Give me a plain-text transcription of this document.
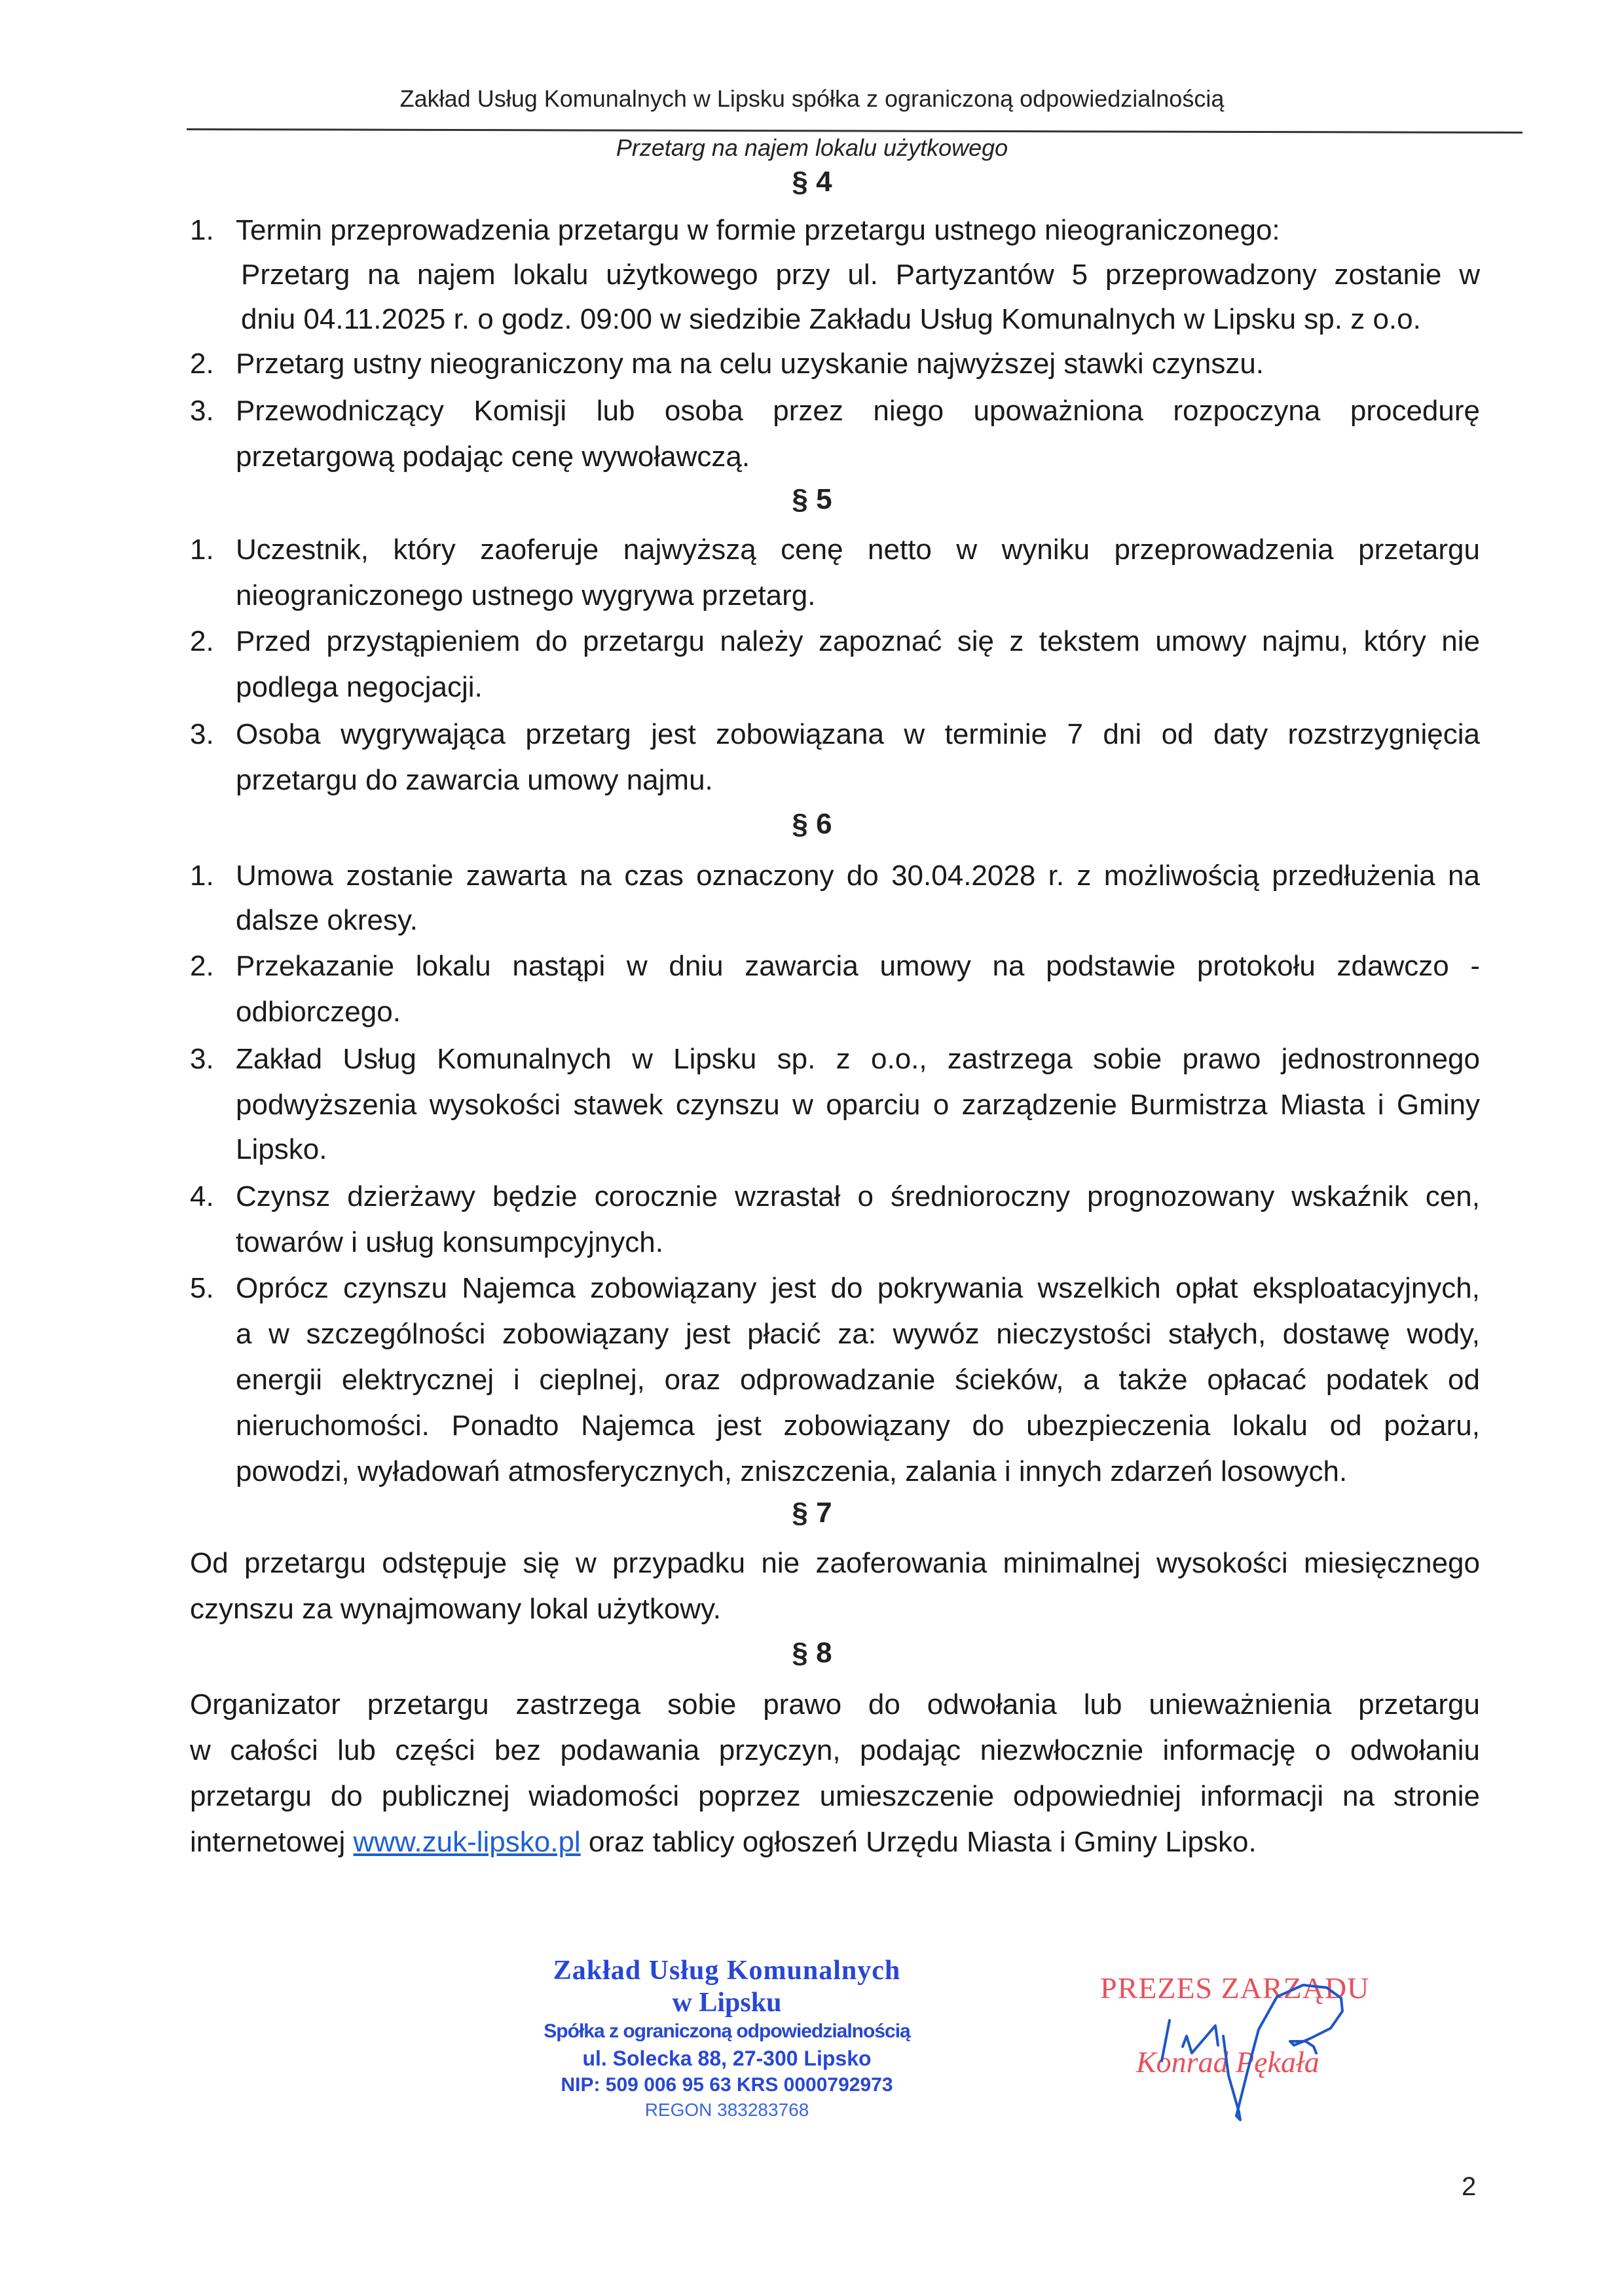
Zakład Usług Komunalnych w Lipsku spółka z ograniczoną odpowiedzialnością
Przetarg na najem lokalu użytkowego
§ 4
1. Termin przeprowadzenia przetargu w formie przetargu ustnego nieograniczonego:
Przetarg na najem lokalu użytkowego przy ul. Partyzantów 5 przeprowadzony zostanie w
dniu 04.11.2025 r. o godz. 09:00 w siedzibie Zakładu Usług Komunalnych w Lipsku sp. z o.o.
2. Przetarg ustny nieograniczony ma na celu uzyskanie najwyższej stawki czynszu.
3. Przewodniczący Komisji lub osoba przez niego upoważniona rozpoczyna procedurę
przetargową podając cenę wywoławczą.
§ 5
1. Uczestnik, który zaoferuje najwyższą cenę netto w wyniku przeprowadzenia przetargu
nieograniczonego ustnego wygrywa przetarg.
2. Przed przystąpieniem do przetargu należy zapoznać się z tekstem umowy najmu, który nie
podlega negocjacji.
3. Osoba wygrywająca przetarg jest zobowiązana w terminie 7 dni od daty rozstrzygnięcia
przetargu do zawarcia umowy najmu.
§ 6
1. Umowa zostanie zawarta na czas oznaczony do 30.04.2028 r. z możliwością przedłużenia na
dalsze okresy.
2. Przekazanie lokalu nastąpi w dniu zawarcia umowy na podstawie protokołu zdawczo -
odbiorczego.
3. Zakład Usług Komunalnych w Lipsku sp. z o.o., zastrzega sobie prawo jednostronnego
podwyższenia wysokości stawek czynszu w oparciu o zarządzenie Burmistrza Miasta i Gminy
Lipsko.
4. Czynsz dzierżawy będzie corocznie wzrastał o średnioroczny prognozowany wskaźnik cen,
towarów i usług konsumpcyjnych.
5. Oprócz czynszu Najemca zobowiązany jest do pokrywania wszelkich opłat eksploatacyjnych,
a w szczególności zobowiązany jest płacić za: wywóz nieczystości stałych, dostawę wody,
energii elektrycznej i cieplnej, oraz odprowadzanie ścieków, a także opłacać podatek od
nieruchomości. Ponadto Najemca jest zobowiązany do ubezpieczenia lokalu od pożaru,
powodzi, wyładowań atmosferycznych, zniszczenia, zalania i innych zdarzeń losowych.
§ 7
Od przetargu odstępuje się w przypadku nie zaoferowania minimalnej wysokości miesięcznego
czynszu za wynajmowany lokal użytkowy.
§ 8
Organizator przetargu zastrzega sobie prawo do odwołania lub unieważnienia przetargu
w całości lub części bez podawania przyczyn, podając niezwłocznie informację o odwołaniu
przetargu do publicznej wiadomości poprzez umieszczenie odpowiedniej informacji na stronie
internetowej www.zuk-lipsko.pl oraz tablicy ogłoszeń Urzędu Miasta i Gminy Lipsko.
Zakład Usług Komunalnych
w Lipsku
Spółka z ograniczoną odpowiedzialnością
ul. Solecka 88, 27-300 Lipsko
NIP: 509 006 95 63 KRS 0000792973
REGON 383283768
PREZES ZARZĄDU
Konrad Pękała
2
